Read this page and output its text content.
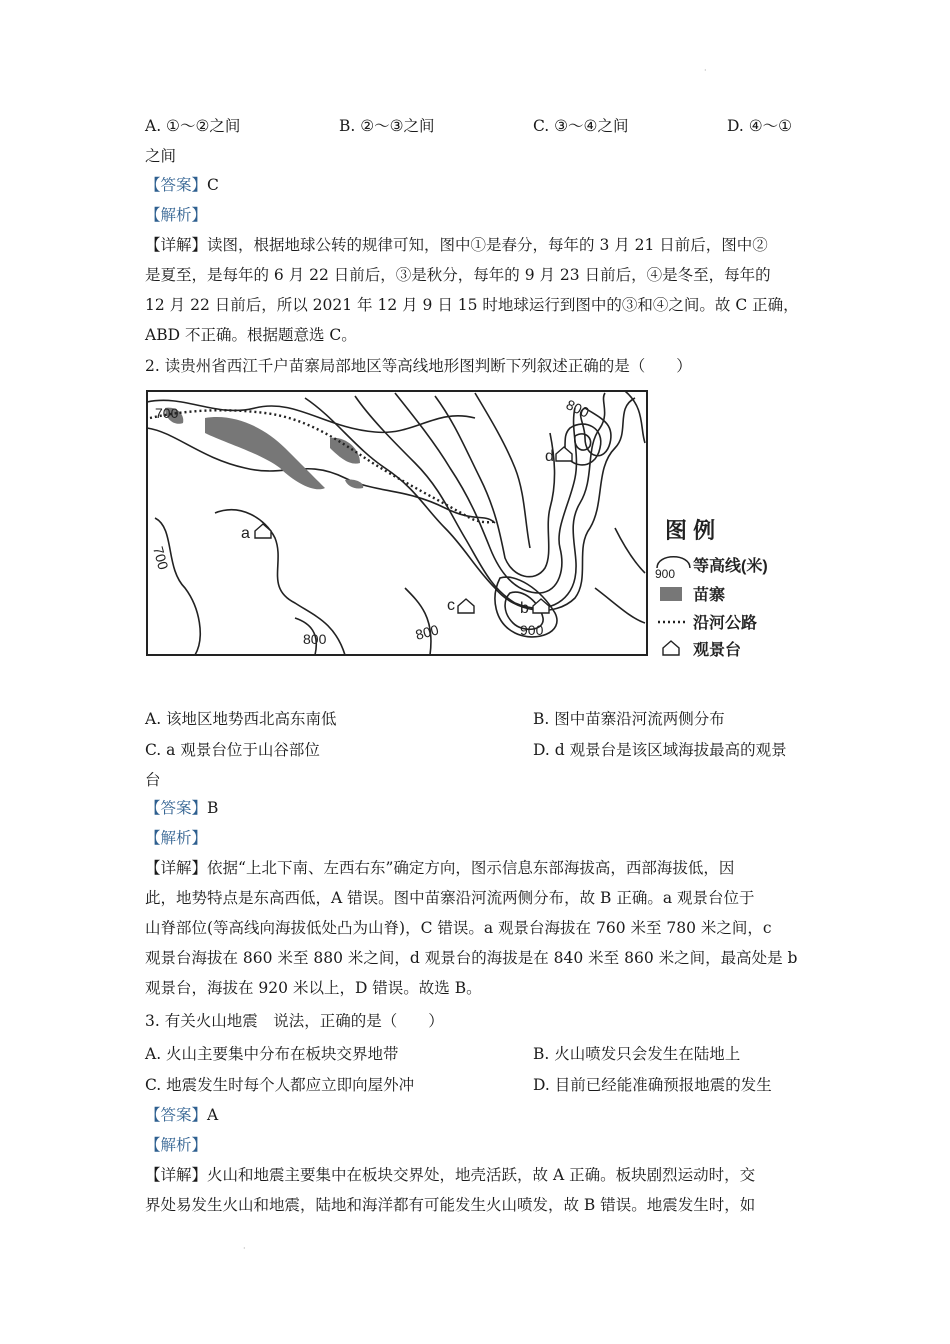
·
A. ①～②之间	B. ②～③之间	C. ③～④之间	D. ④～①
之间
【答案】C
【解析】
【详解】读图，根据地球公转的规律可知，图中①是春分，每年的 3 月 21 日前后，图中②
是夏至，是每年的 6 月 22 日前后，③是秋分，每年的 9 月 23 日前后，④是冬至，每年的
12 月 22 日前后，所以 2021 年 12 月 9 日 15 时地球运行到图中的③和④之间。故 C 正确，
ABD 不正确。根据题意选 C。
2. 读贵州省西江千户苗寨局部地区等高线地形图判断下列叙述正确的是（　　）
700	800
700
800	800	900
a
b
c
d
图 例
900 等高线(米)
苗寨
沿河公路
观景台
A. 该地区地势西北高东南低	B. 图中苗寨沿河流两侧分布
C. a 观景台位于山谷部位	D. d 观景台是该区域海拔最高的观景
台
【答案】B
【解析】
【详解】依据“上北下南、左西右东”确定方向，图示信息东部海拔高，西部海拔低，因
此，地势特点是东高西低，A 错误。图中苗寨沿河流两侧分布，故 B 正确。a 观景台位于
山脊部位(等高线向海拔低处凸为山脊)，C 错误。a 观景台海拔在 760 米至 780 米之间，c
观景台海拔在 860 米至 880 米之间，d 观景台的海拔是在 840 米至 860 米之间，最高处是 b
观景台，海拔在 920 米以上，D 错误。故选 B。
3. 有关火山地震　说法，正确的是（　　）
A. 火山主要集中分布在板块交界地带	B. 火山喷发只会发生在陆地上
C. 地震发生时每个人都应立即向屋外冲	D. 目前已经能准确预报地震的发生
【答案】A
【解析】
【详解】火山和地震主要集中在板块交界处，地壳活跃，故 A 正确。板块剧烈运动时，交
界处易发生火山和地震，陆地和海洋都有可能发生火山喷发，故 B 错误。地震发生时，如
·
